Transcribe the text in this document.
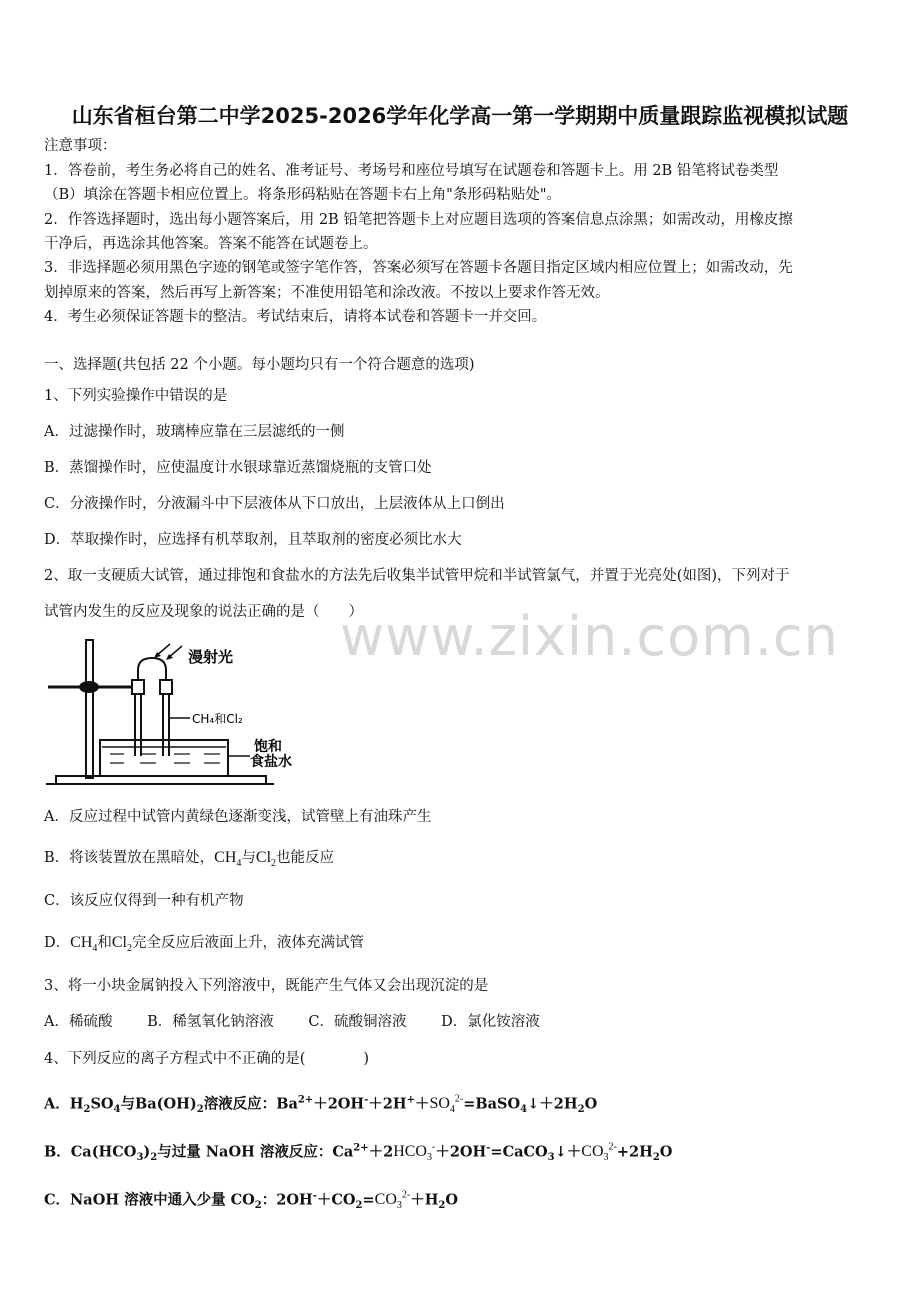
山东省桓台第二中学2025-2026学年化学高一第一学期期中质量跟踪监视模拟试题
注意事项：
1．答卷前，考生务必将自己的姓名、准考证号、考场号和座位号填写在试题卷和答题卡上。用 2B 铅笔将试卷类型
（B）填涂在答题卡相应位置上。将条形码粘贴在答题卡右上角"条形码粘贴处"。
2．作答选择题时，选出每小题答案后，用 2B 铅笔把答题卡上对应题目选项的答案信息点涂黑；如需改动，用橡皮擦
干净后，再选涂其他答案。答案不能答在试题卷上。
3．非选择题必须用黑色字迹的钢笔或签字笔作答，答案必须写在答题卡各题目指定区域内相应位置上；如需改动，先
划掉原来的答案，然后再写上新答案；不准使用铅笔和涂改液。不按以上要求作答无效。
4．考生必须保证答题卡的整洁。考试结束后，请将本试卷和答题卡一并交回。
一、选择题(共包括 22 个小题。每小题均只有一个符合题意的选项)
1、下列实验操作中错误的是
A．过滤操作时，玻璃棒应靠在三层滤纸的一侧
B．蒸馏操作时，应使温度计水银球靠近蒸馏烧瓶的支管口处
C．分液操作时，分液漏斗中下层液体从下口放出，上层液体从上口倒出
D．萃取操作时，应选择有机萃取剂，且萃取剂的密度必须比水大
2、取一支硬质大试管，通过排饱和食盐水的方法先后收集半试管甲烷和半试管氯气，并置于光亮处(如图)，下列对于
试管内发生的反应及现象的说法正确的是（　　）
www.zixin.com.cn
漫射光
CH₄和Cl₂
饱和
食盐水
A．反应过程中试管内黄绿色逐渐变浅，试管壁上有油珠产生
B．将该装置放在黑暗处，$CH_4$与$Cl_2$也能反应
C．该反应仅得到一种有机产物
D．$CH_4$和$Cl_2$完全反应后液面上升，液体充满试管
3、将一小块金属钠投入下列溶液中，既能产生气体又会出现沉淀的是
A．稀硫酸 B．稀氢氧化钠溶液 C．硫酸铜溶液 D．氯化铵溶液
4、下列反应的离子方程式中不正确的是(　　　　)
A．$H_2SO_4$与$Ba(OH)_2$溶液反应：$Ba^{2+}+2OH^-+2H^++SO_4^{2-}=BaSO_4↓+2H_2O$
B．$Ca(HCO_3)_2$与过量 NaOH 溶液反应：$Ca^{2+}+2HCO_3^-+2OH^-=CaCO_3↓+CO_3^{2-}+2H_2O$
C．NaOH 溶液中通入少量 $CO_2$：$2OH^-+CO_2=CO_3^{2-}+H_2O$
